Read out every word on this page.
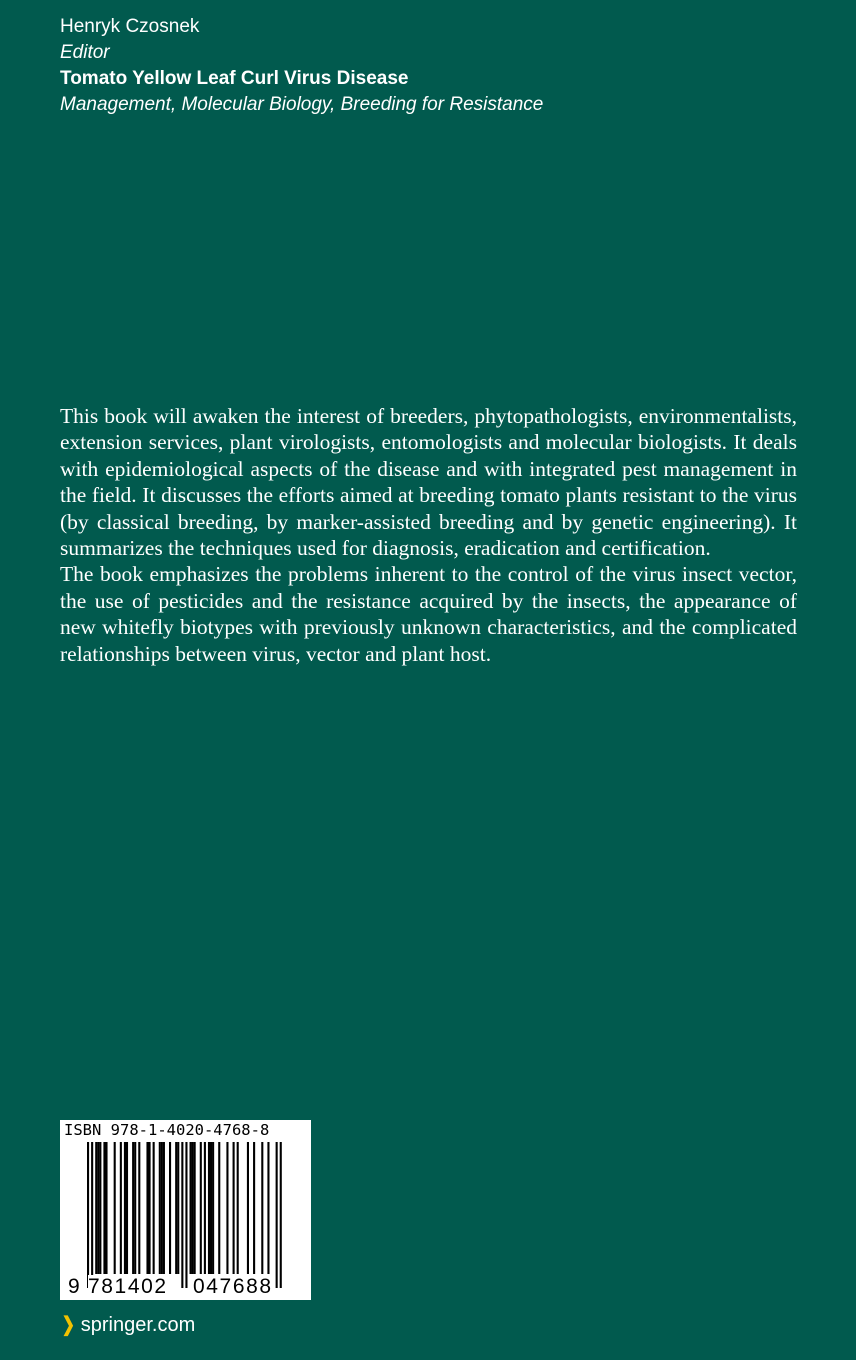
Henryk Czosnek
Editor
Tomato Yellow Leaf Curl Virus Disease
Management, Molecular Biology, Breeding for Resistance

This book will awaken the interest of breeders, phytopathologists, environmentalists, extension services, plant virologists, entomologists and molecular biologists. It deals with epidemiological aspects of the disease and with integrated pest management in the field. It discusses the efforts aimed at breeding tomato plants resistant to the virus (by classical breeding, by marker-assisted breeding and by genetic engineering). It summarizes the techniques used for diagnosis, eradication and certification.

The book emphasizes the problems inherent to the control of the virus insect vector, the use of pesticides and the resistance acquired by the insects, the appearance of new whitefly biotypes with previously unknown characteristics, and the complicated relationships between virus, vector and plant host.

ISBN 978-1-4020-4768-8
9 781402 047688
❯ springer.com
